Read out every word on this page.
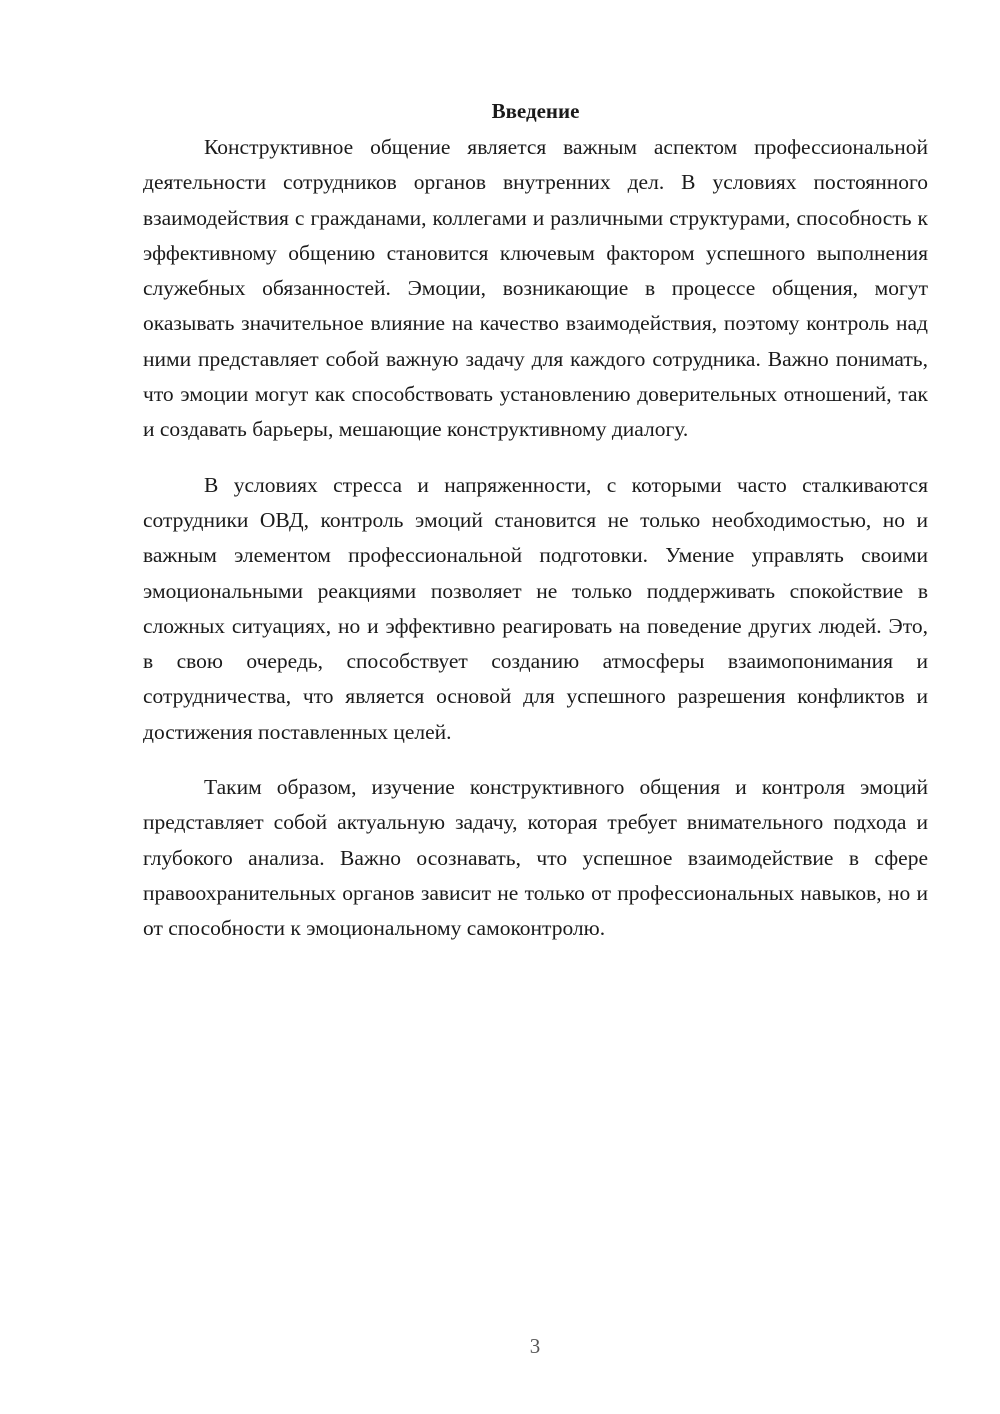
Введение

Конструктивное общение является важным аспектом профессиональной деятельности сотрудников органов внутренних дел. В условиях постоянного взаимодействия с гражданами, коллегами и различными структурами, способность к эффективному общению становится ключевым фактором успешного выполнения служебных обязанностей. Эмоции, возникающие в процессе общения, могут оказывать значительное влияние на качество взаимодействия, поэтому контроль над ними представляет собой важную задачу для каждого сотрудника. Важно понимать, что эмоции могут как способствовать установлению доверительных отношений, так и создавать барьеры, мешающие конструктивному диалогу.

В условиях стресса и напряженности, с которыми часто сталкиваются сотрудники ОВД, контроль эмоций становится не только необходимостью, но и важным элементом профессиональной подготовки. Умение управлять своими эмоциональными реакциями позволяет не только поддерживать спокойствие в сложных ситуациях, но и эффективно реагировать на поведение других людей. Это, в свою очередь, способствует созданию атмосферы взаимопонимания и сотрудничества, что является основой для успешного разрешения конфликтов и достижения поставленных целей.

Таким образом, изучение конструктивного общения и контроля эмоций представляет собой актуальную задачу, которая требует внимательного подхода и глубокого анализа. Важно осознавать, что успешное взаимодействие в сфере правоохранительных органов зависит не только от профессиональных навыков, но и от способности к эмоциональному самоконтролю.

3
